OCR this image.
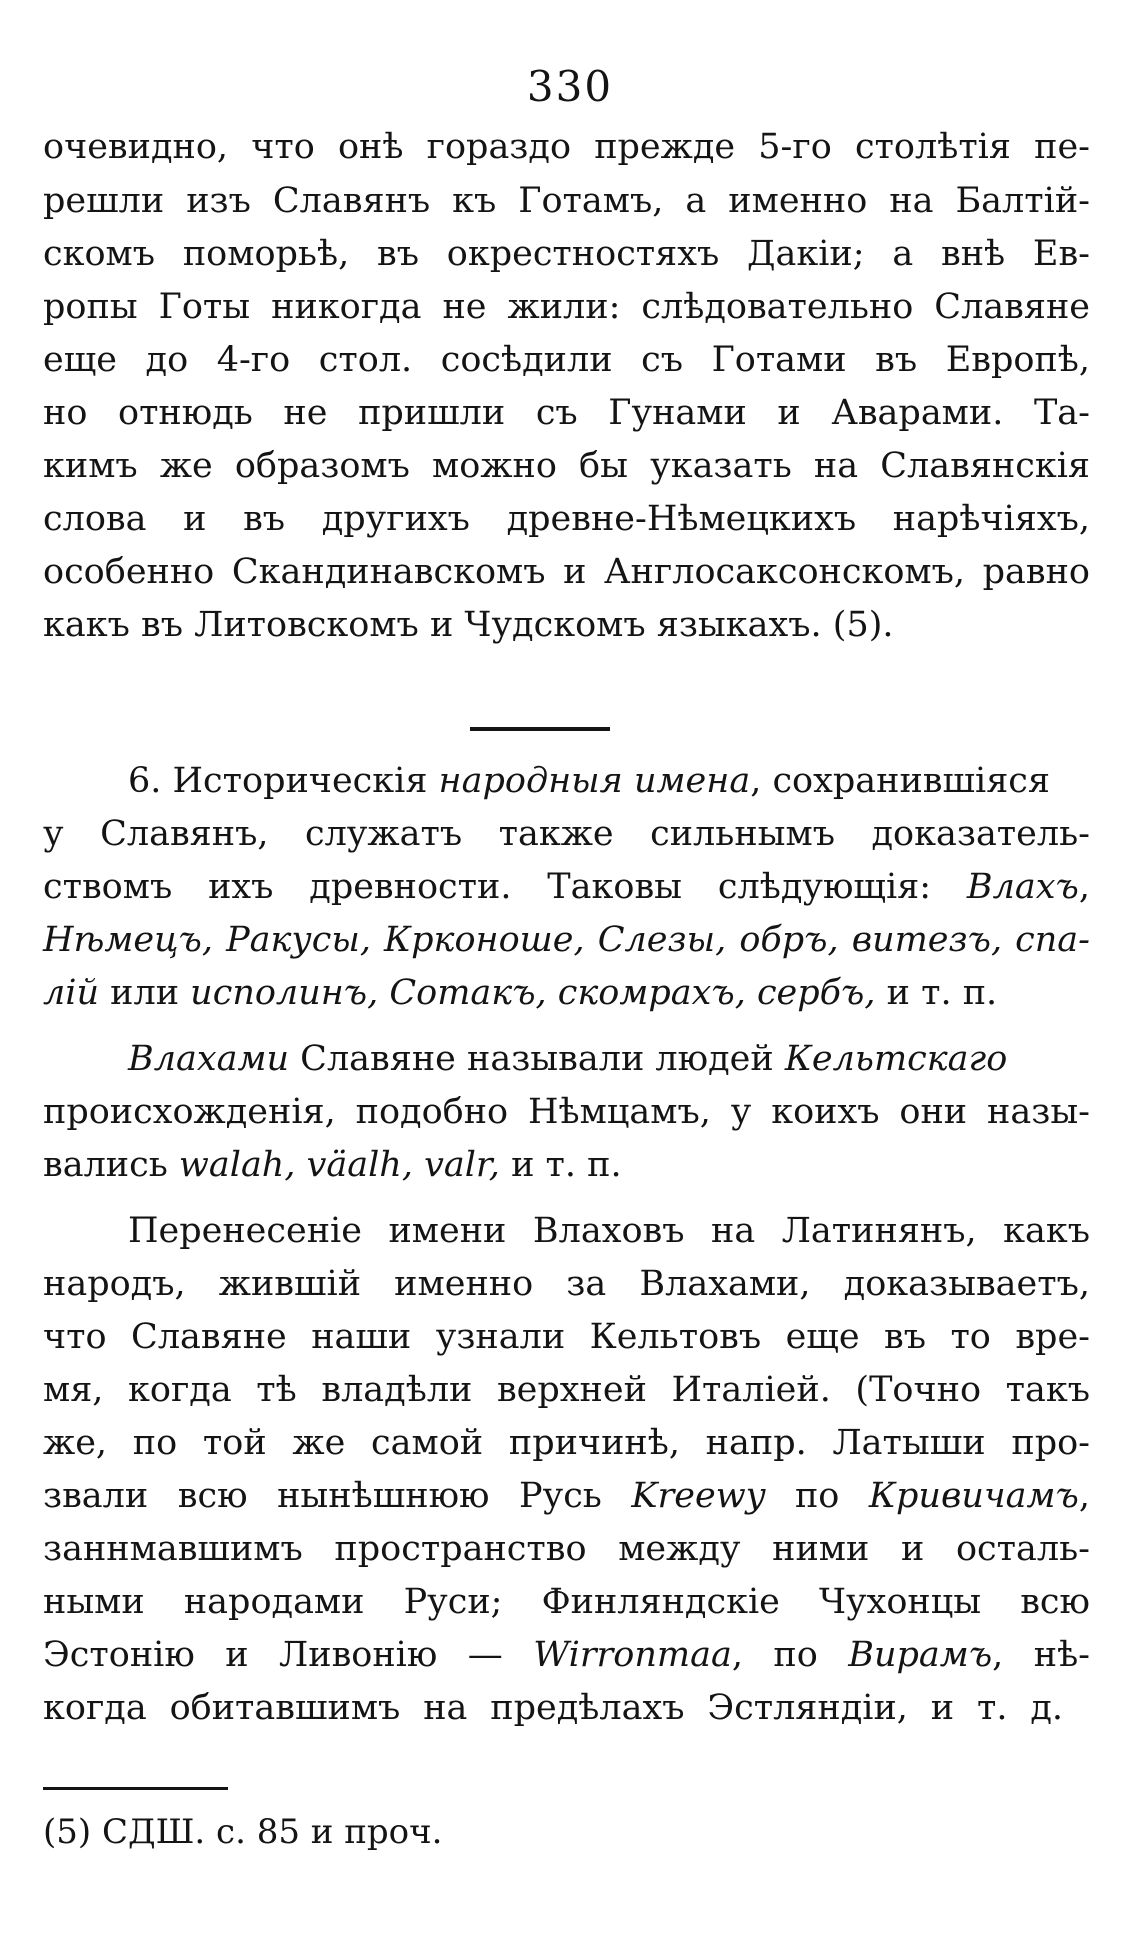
330
очевидно, что онѣ гораздо прежде 5-го столѣтія пе-
решли изъ Славянъ къ Готамъ, а именно на Балтій-
скомъ поморьѣ, въ окрестностяхъ Дакіи; а внѣ Ев-
ропы Готы никогда не жили: слѣдовательно Славяне
еще до 4-го стол. сосѣдили съ Готами въ Европѣ,
но отнюдь не пришли съ Гунами и Аварами. Та-
кимъ же образомъ можно бы указать на Славянскія
слова и въ другихъ древне-Нѣмецкихъ нарѣчіяхъ,
особенно Скандинавскомъ и Англосаксонскомъ, равно
какъ въ Литовскомъ и Чудскомъ языкахъ. (5).
6. Историческія народныя имена, сохранившіяся
у Славянъ, служатъ также сильнымъ доказатель-
ствомъ ихъ древности. Таковы слѣдующія: Влахъ,
Нѣмецъ, Ракусы, Крконоше, Слезы, обръ, витезъ, спа-
лій или исполинъ, Сотакъ, скомрахъ, сербъ, и т. п.
Влахами Славяне называли людей Кельтскаго
происхожденія, подобно Нѣмцамъ, у коихъ они назы-
вались walah, väalh, valr, и т. п.
Перенесеніе имени Влаховъ на Латинянъ, какъ
народъ, жившій именно за Влахами, доказываетъ,
что Славяне наши узнали Кельтовъ еще въ то вре-
мя, когда тѣ владѣли верхней Италіей. (Точно такъ
же, по той же самой причинѣ, напр. Латыши про-
звали всю нынѣшнюю Русь Kreewy по Кривичамъ,
заннмавшимъ пространство между ними и осталь-
ными народами Руси; Финляндскіе Чухонцы всю
Эстонію и Ливонію — Wirronmaa, по Вирамъ, нѣ-
когда обитавшимъ на предѣлахъ Эстляндіи, и т. д.
(5) СДШ. с. 85 и проч.
